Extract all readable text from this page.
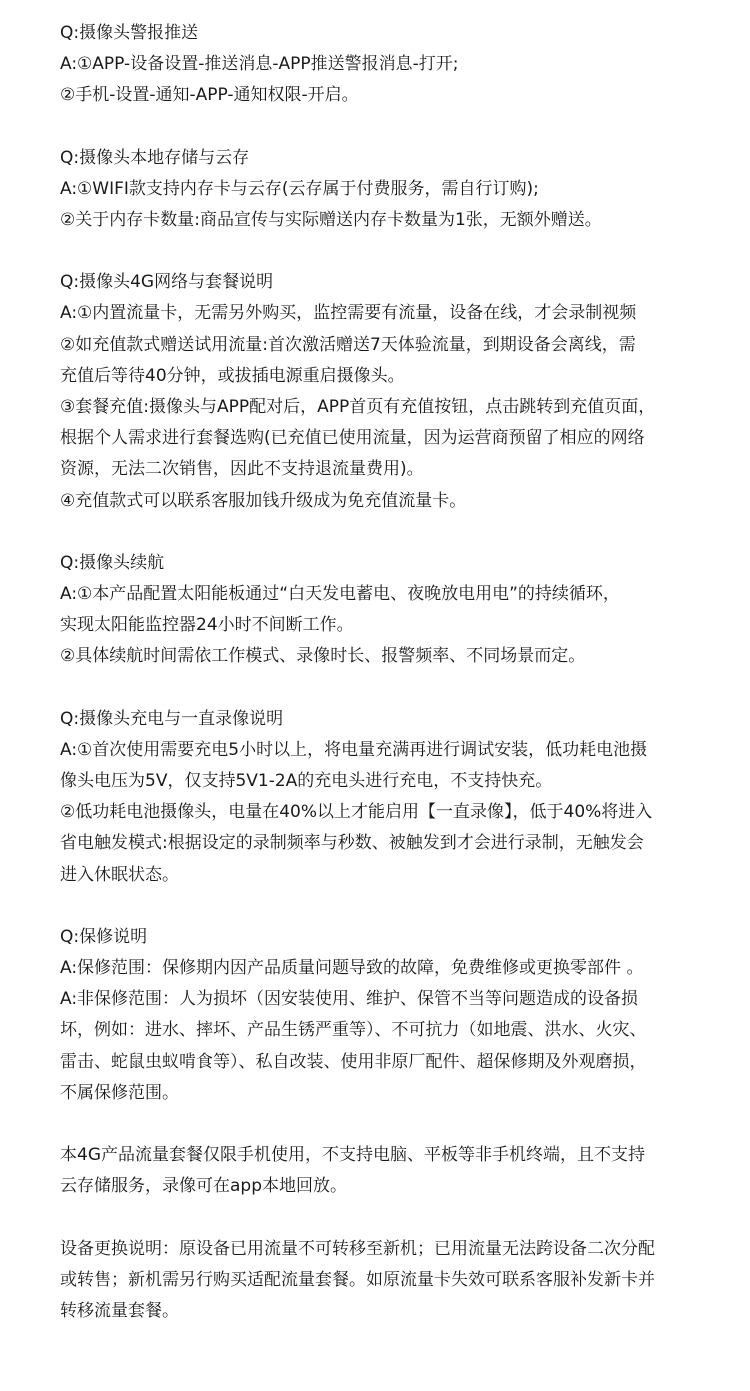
Q:摄像头警报推送
A:①APP-设备设置-推送消息-APP推送警报消息-打开;
②手机-设置-通知-APP-通知权限-开启。
Q:摄像头本地存储与云存
A:①WIFI款支持内存卡与云存(云存属于付费服务，需自行订购);
②关于内存卡数量:商品宣传与实际赠送内存卡数量为1张，无额外赠送。
Q:摄像头4G网络与套餐说明
A:①内置流量卡，无需另外购买，监控需要有流量，设备在线，才会录制视频
②如充值款式赠送试用流量:首次激活赠送7天体验流量，到期设备会离线，需
充值后等待40分钟，或拔插电源重启摄像头。
③套餐充值:摄像头与APP配对后，APP首页有充值按钮，点击跳转到充值页面，
根据个人需求进行套餐选购(已充值已使用流量，因为运营商预留了相应的网络
资源，无法二次销售，因此不支持退流量费用)。
④充值款式可以联系客服加钱升级成为免充值流量卡。
Q:摄像头续航
A:①本产品配置太阳能板通过“白天发电蓄电、夜晚放电用电”的持续循环，
实现太阳能监控器24小时不间断工作。
②具体续航时间需依工作模式、录像时长、报警频率、不同场景而定。
Q:摄像头充电与一直录像说明
A:①首次使用需要充电5小时以上，将电量充满再进行调试安装，低功耗电池摄
像头电压为5V，仅支持5V1-2A的充电头进行充电，不支持快充。
②低功耗电池摄像头，电量在40%以上才能启用【一直录像】，低于40%将进入
省电触发模式:根据设定的录制频率与秒数、被触发到才会进行录制，无触发会
进入休眠状态。
Q:保修说明
A:保修范围：保修期内因产品质量问题导致的故障，免费维修或更换零部件 。
A:非保修范围：人为损坏（因安装使用、维护、保管不当等问题造成的设备损
坏，例如：进水、摔坏、产品生锈严重等）、不可抗力（如地震、洪水、火灾、
雷击、蛇鼠虫蚁啃食等）、私自改装、使用非原厂配件、超保修期及外观磨损，
不属保修范围。
本4G产品流量套餐仅限手机使用，不支持电脑、平板等非手机终端，且不支持
云存储服务，录像可在app本地回放。
设备更换说明：原设备已用流量不可转移至新机；已用流量无法跨设备二次分配
或转售；新机需另行购买适配流量套餐。如原流量卡失效可联系客服补发新卡并
转移流量套餐。
